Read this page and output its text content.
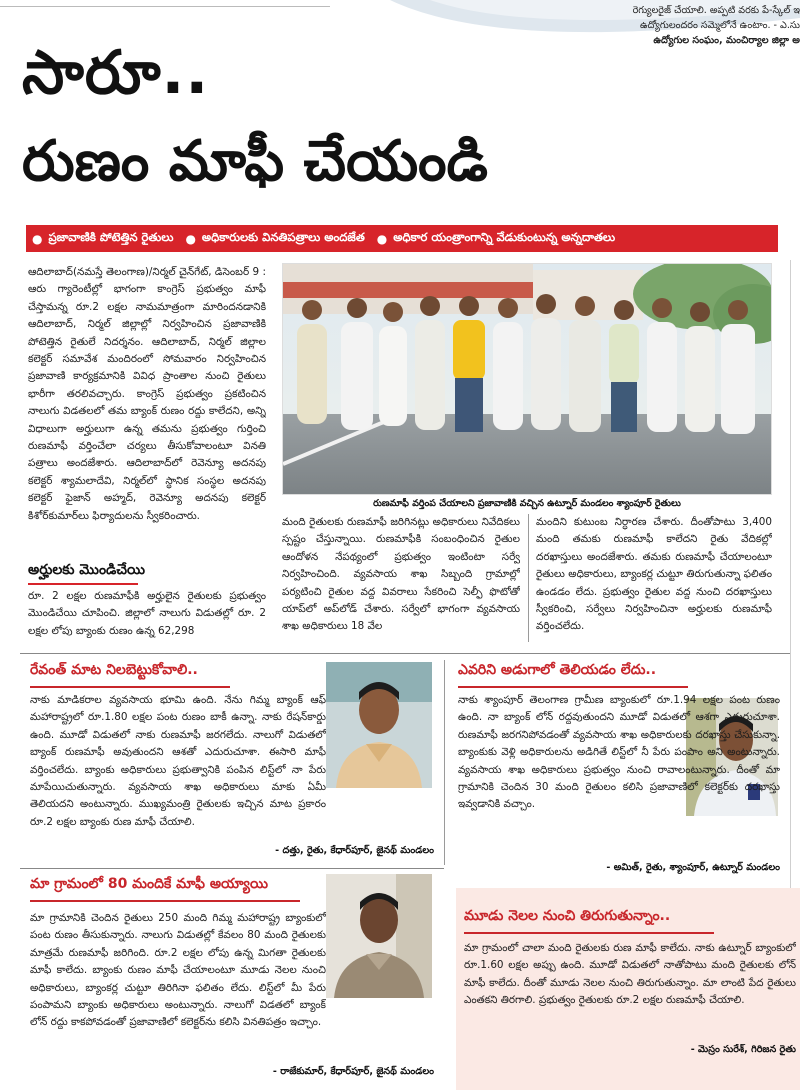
రెగ్యులరైజ్ చేయాలి. అప్పటి వరకు పే-స్కేల్ ఇ
ఉద్యోగులందరం సమ్మెలోనే ఉంటాం. - ఎ.సు
ఉద్యోగుల సంఘం, మంచిర్యాల జిల్లా అ
సారూ..
రుణం మాఫీ చేయండి
● ప్రజావాణికి పోటెత్తిన రైతులు ● అధికారులకు వినతిపత్రాలు అందజేత ● అధికార యంత్రాంగాన్ని వేడుకుంటున్న అన్నదాతలు
ఆదిలాబాద్(నమస్తే తెలంగాణ)/నిర్మల్ చైన్‌గేట్, డిసెంబర్ 9 : ఆరు గ్యారెంటీల్లో భాగంగా కాంగ్రెస్ ప్రభుత్వం మాఫీ చేస్తామన్న రూ.2 లక్షల నామమాత్రంగా మారిందనడానికి ఆదిలాబాద్, నిర్మల్ జిల్లాల్లో నిర్వహించిన ప్రజావాణికి పోటెత్తిన రైతులే నిదర్శనం. ఆదిలాబాద్, నిర్మల్ జిల్లాల కలెక్టర్ సమావేశ మందిరంలో సోమవారం నిర్వహించిన ప్రజావాణి కార్యక్రమానికి వివిధ ప్రాంతాల నుంచి రైతులు భారీగా తరలివచ్చారు. కాంగ్రెస్ ప్రభుత్వం ప్రకటించిన నాలుగు విడతలలో తమ బ్యాంక్ రుణం రద్దు కాలేదని, అన్ని విధాలుగా అర్హులుగా ఉన్న తమను ప్రభుత్వం గుర్తించి రుణమాఫీ వర్తించేలా చర్యలు తీసుకోవాలంటూ వినతి పత్రాలు అందజేశారు. ఆదిలాబాద్‌లో రెవెన్యూ అదనపు కలెక్టర్ శ్యామలాదేవి, నిర్మల్‌లో స్థానిక సంస్థల అదనపు కలెక్టర్ ఫైజాన్ అహ్మద్, రెవెన్యూ అదనపు కలెక్టర్ కిశోర్‌కుమార్‌లు ఫిర్యాదులను స్వీకరించారు.
అర్హులకు మొండిచేయి
రూ. 2 లక్షల రుణమాఫీకి అర్హులైన రైతులకు ప్రభుత్వం మొండిచేయి చూపించి. జిల్లాలో నాలుగు విడుతల్లో రూ. 2 లక్షల లోపు బ్యాంకు రుణం ఉన్న 62,298
రుణమాఫీ వర్తింప చేయాలని ప్రజావాణికి వచ్చిన ఉట్నూర్ మండలం శ్యాంపూర్ రైతులు
మంది రైతులకు రుణమాఫీ జరిగినట్లు అధికారులు నివేదికలు స్పష్టం చేస్తున్నాయి. రుణమాఫీకి సంబంధించిన రైతుల ఆందోళన నేపథ్యంలో ప్రభుత్వం ఇంటింటా సర్వే నిర్వహించింది. వ్యవసాయ శాఖ సిబ్బంది గ్రామాల్లో పర్యటించి రైతుల వద్ద వివరాలు సేకరించి సెల్ఫీ ఫొటోతో యాప్‌లో అప్‌లోడ్ చేశారు. సర్వేలో భాగంగా వ్యవసాయ శాఖ అధికారులు 18 వేల
మందిని కుటుంబ నిర్ధారణ చేశారు. దీంతోపాటు 3,400 మంది తమకు రుణమాఫీ కాలేదని రైతు వేదికల్లో దరఖాస్తులు అందజేశారు. తమకు రుణమాఫీ చేయాలంటూ రైతులు అధికారులు, బ్యాంకర్ల చుట్టూ తిరుగుతున్నా ఫలితం ఉండడం లేదు. ప్రభుత్వం రైతుల వద్ద నుంచి దరఖాస్తులు స్వీకరించి, సర్వేలు నిర్వహించినా అర్హులకు రుణమాఫీ వర్తించలేదు.
రేవంత్ మాట నిలబెట్టుకోవాలి..
నాకు మాడికరాల వ్యవసాయ భూమి ఉంది. నేను గిమ్మ బ్యాంక్ ఆఫ్ మహారాష్ట్రలో రూ.1.80 లక్షల పంట రుణం బాకీ ఉన్నా. నాకు రేషన్‌కార్డు ఉంది. మూడో విడుతలో నాకు రుణమాఫీ జరగలేదు. నాలుగో విడుతలో బ్యాంక్ రుణమాఫీ అవుతుందని ఆశతో ఎదురుచూశా. ఈసారి మాఫీ వర్తించలేదు. బ్యాంకు అధికారులు ప్రభుత్వానికి పంపిన లిస్ట్‌లో నా పేరు మాపేయిచుతున్నారు. వ్యవసాయ శాఖ అధికారులు మాకు ఏమీ తెలియదని అంటున్నారు. ముఖ్యమంత్రి రైతులకు ఇచ్చిన మాట ప్రకారం రూ.2 లక్షల బ్యాంకు రుణ మాఫీ చేయాలి.
- దత్తు, రైతు, కేధార్‌పూర్, జైనథ్ మండలం
ఎవరిని అడుగాలో తెలియడం లేదు..
నాకు శ్యాంపూర్ తెలంగాణ గ్రామీణ బ్యాంకులో రూ.1.94 లక్షల పంట రుణం ఉంది. నా బ్యాంక్ లోన్ రద్దవుతుందని మూడో విడుతలో ఆశగా ఎదురుచూశా. రుణమాఫీ జరగనిపోవడంతో వ్యవసాయ శాఖ అధికారులకు దరఖాస్తు చేసుకున్నా. బ్యాంకుకు వెళ్లి అధికారులను అడిగితే లిస్ట్‌లో నీ పేరు పంపాం అని అంటున్నారు. వ్యవసాయ శాఖ అధికారులు ప్రభుత్వం నుంచి రావాలంటున్నారు. దీంతో మా గ్రామానికి చెందిన 30 మంది రైతులం కలిసి ప్రజావాణిలో కలెక్టర్‌కు దరఖాస్తు ఇవ్వడానికి వచ్చాం.
- అమిత్, రైతు, శ్యాంపూర్, ఉట్నూర్ మండలం
మా గ్రామంలో 80 మందికే మాఫీ అయ్యాయి
మా గ్రామానికి చెందిన రైతులు 250 మంది గిమ్మ మహారాష్ట్ర బ్యాంకులో పంట రుణం తీసుకున్నారు. నాలుగు విడుతల్లో కేవలం 80 మంది రైతులకు మాత్రమే రుణమాఫీ జరిగింది. రూ.2 లక్షల లోపు ఉన్న మిగతా రైతులకు మాఫీ కాలేదు. బ్యాంకు రుణం మాఫీ చేయాలంటూ మూడు నెలల నుంచి అధికారులు, బ్యాంకర్ల చుట్టూ తిరిగినా ఫలితం లేదు. లిస్ట్‌లో మీ పేరు పంపామని బ్యాంకు అధికారులు అంటున్నారు. నాలుగో విడతలో బ్యాంక్ లోన్ రద్దు కాకపోవడంతో ప్రజావాణిలో కలెక్టర్‌ను కలిసి వినతిపత్రం ఇచ్చాం.
- రాజేకుమార్, కేధార్‌పూర్, జైనథ్ మండలం
మూడు నెలల నుంచి తిరుగుతున్నాం..
మా గ్రామంలో చాలా మంది రైతులకు రుణ మాఫీ కాలేదు. నాకు ఉట్నూర్ బ్యాంకులో రూ.1.60 లక్షల అప్పు ఉంది. మూడో విడుతలో నాతోపాటు మంది రైతులకు లోన్ మాఫీ కాలేదు. దీంతో మూడు నెలల నుంచి తిరుగుతున్నాం. మా లాంటి పేద రైతులు ఎంతకని తిరగాలి. ప్రభుత్వం రైతులకు రూ.2 లక్షల రుణమాఫీ చేయాలి.
- మెస్రం సురేశ్, గిరిజన రైతు
